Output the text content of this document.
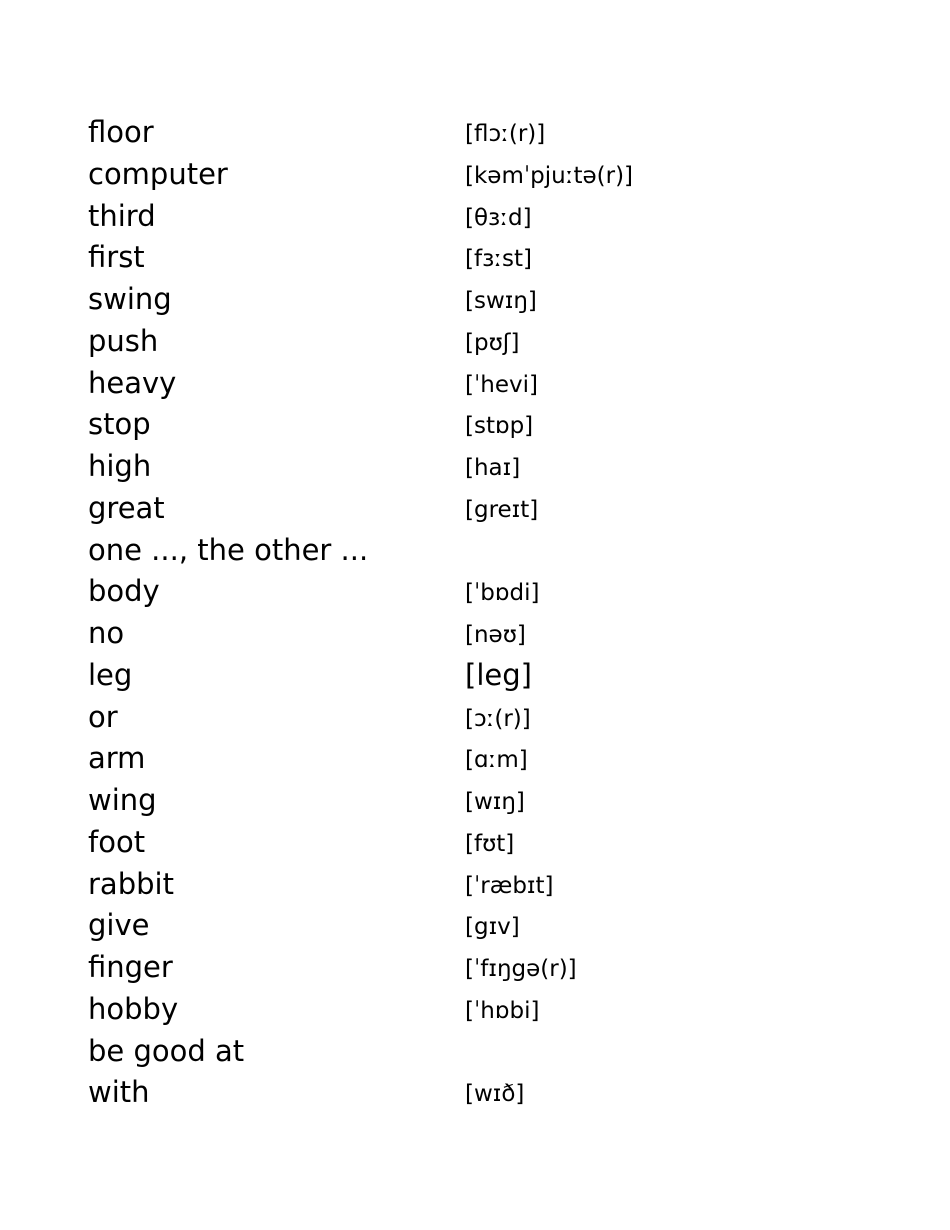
floor	[flɔː(r)]
computer	[kəmˈpjuːtə(r)]
third	[θɜːd]
first	[fɜːst]
swing	[swɪŋ]
push	[pʊʃ]
heavy	[ˈhevi]
stop	[stɒp]
high	[haɪ]
great	[greɪt]
one ..., the other ...
body	[ˈbɒdi]
no	[nəʊ]
leg	[leg]
or	[ɔː(r)]
arm	[ɑːm]
wing	[wɪŋ]
foot	[fʊt]
rabbit	[ˈræbɪt]
give	[gɪv]
finger	[ˈfɪŋgə(r)]
hobby	[ˈhɒbi]
be good at
with	[wɪð]
